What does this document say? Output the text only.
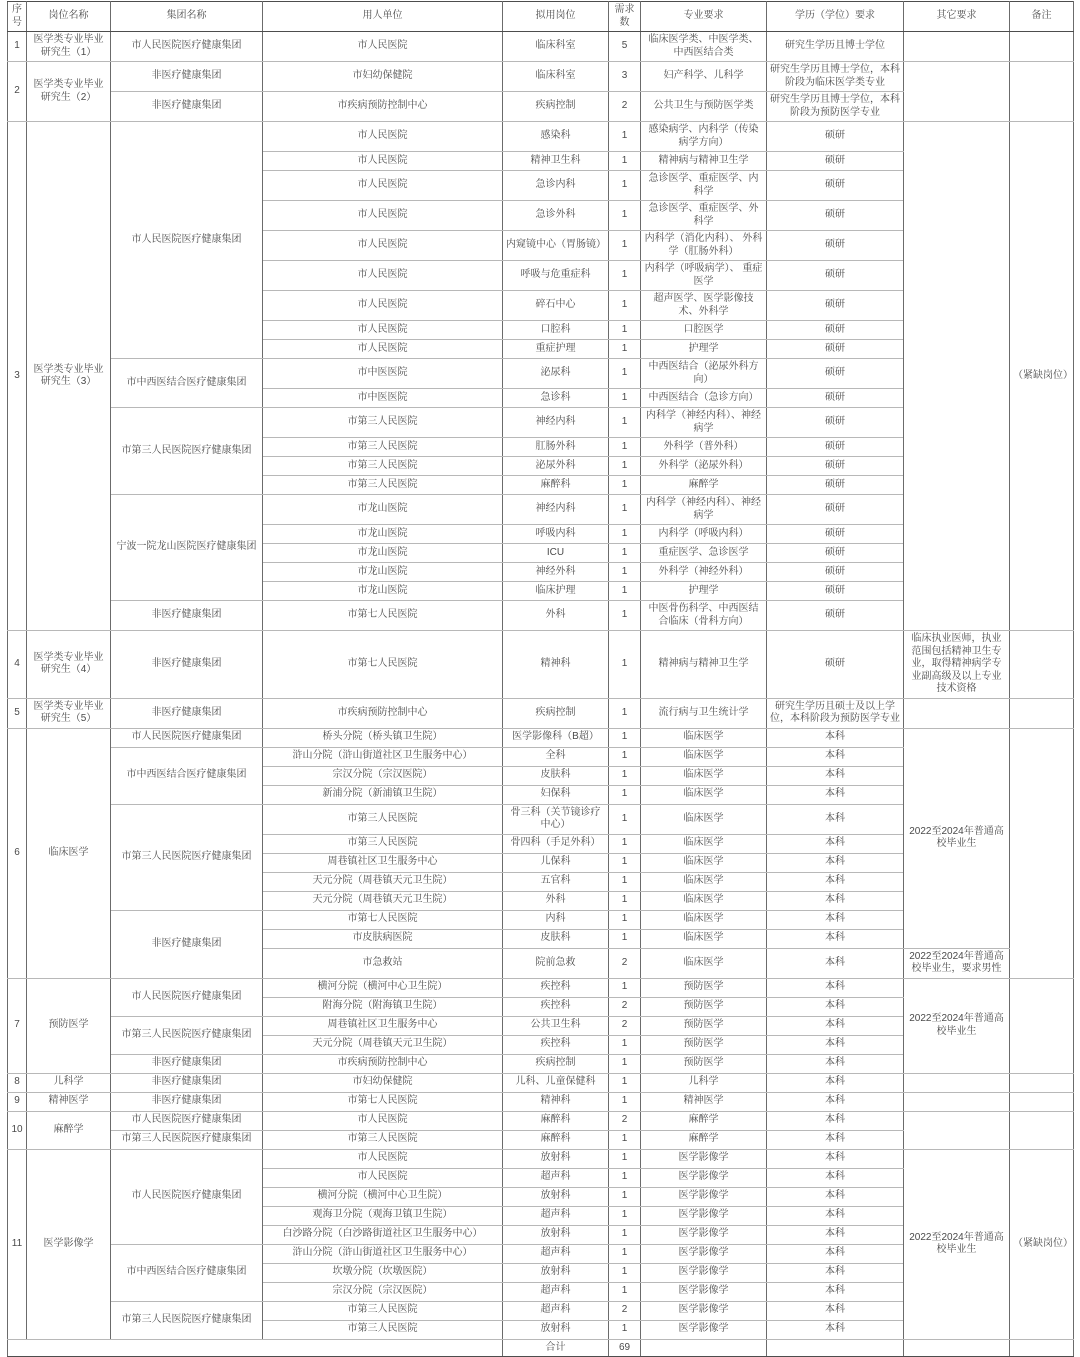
序号	岗位名称	集团名称	用人单位	拟用岗位	需求数	专业要求	学历（学位）要求	其它要求	备注
1	医学类专业毕业研究生（1）	市人民医院医疗健康集团	市人民医院	临床科室	5	临床医学类、中医学类、中西医结合类	研究生学历且博士学位		
2	医学类专业毕业研究生（2）	非医疗健康集团	市妇幼保健院	临床科室	3	妇产科学、儿科学	研究生学历且博士学位，本科阶段为临床医学类专业		
		非医疗健康集团	市疾病预防控制中心	疾病控制	2	公共卫生与预防医学类	研究生学历且博士学位，本科阶段为预防医学专业		
3	医学类专业毕业研究生（3）	市人民医院医疗健康集团	市人民医院	感染科	1	感染病学、内科学（传染病学方向）	硕研		（紧缺岗位）
			市人民医院	精神卫生科	1	精神病与精神卫生学	硕研		
			市人民医院	急诊内科	1	急诊医学、重症医学、内科学	硕研		
			市人民医院	急诊外科	1	急诊医学、重症医学、外科学	硕研		
			市人民医院	内窥镜中心（胃肠镜）	1	内科学（消化内科）、 外科学（肛肠外科）	硕研		
			市人民医院	呼吸与危重症科	1	内科学（呼吸病学）、 重症医学	硕研		
			市人民医院	碎石中心	1	超声医学、医学影像技术、外科学	硕研		
			市人民医院	口腔科	1	口腔医学	硕研		
			市人民医院	重症护理	1	护理学	硕研		
		市中西医结合医疗健康集团	市中医医院	泌尿科	1	中西医结合（泌尿外科方向）	硕研		
			市中医医院	急诊科	1	中西医结合（急诊方向）	硕研		
		市第三人民医院医疗健康集团	市第三人民医院	神经内科	1	内科学（神经内科）、神经病学	硕研		
			市第三人民医院	肛肠外科	1	外科学（普外科）	硕研		
			市第三人民医院	泌尿外科	1	外科学（泌尿外科）	硕研		
			市第三人民医院	麻醉科	1	麻醉学	硕研		
		宁波一院龙山医院医疗健康集团	市龙山医院	神经内科	1	内科学（神经内科）、神经病学	硕研		
			市龙山医院	呼吸内科	1	内科学（呼吸内科）	硕研		
			市龙山医院	ICU	1	重症医学、急诊医学	硕研		
			市龙山医院	神经外科	1	外科学（神经外科）	硕研		
			市龙山医院	临床护理	1	护理学	硕研		
		非医疗健康集团	市第七人民医院	外科	1	中医骨伤科学、中西医结合临床（骨科方向）	硕研		
4	医学类专业毕业研究生（4）	非医疗健康集团	市第七人民医院	精神科	1	精神病与精神卫生学	硕研	临床执业医师，执业范围包括精神卫生专业，取得精神病学专业副高级及以上专业技术资格	
5	医学类专业毕业研究生（5）	非医疗健康集团	市疾病预防控制中心	疾病控制	1	流行病与卫生统计学	研究生学历且硕士及以上学位，本科阶段为预防医学专业		
6	临床医学	市人民医院医疗健康集团	桥头分院（桥头镇卫生院）	医学影像科（B超）	1	临床医学	本科	2022至2024年普通高校毕业生	
		市中西医结合医疗健康集团	浒山分院（浒山街道社区卫生服务中心）	全科	1	临床医学	本科		
			宗汉分院（宗汉医院）	皮肤科	1	临床医学	本科		
			新浦分院（新浦镇卫生院）	妇保科	1	临床医学	本科		
		市第三人民医院医疗健康集团	市第三人民医院	骨三科（关节镜诊疗中心）	1	临床医学	本科		
			市第三人民医院	骨四科（手足外科）	1	临床医学	本科		
			周巷镇社区卫生服务中心	儿保科	1	临床医学	本科		
			天元分院（周巷镇天元卫生院）	五官科	1	临床医学	本科		
			天元分院（周巷镇天元卫生院）	外科	1	临床医学	本科		
		非医疗健康集团	市第七人民医院	内科	1	临床医学	本科		
			市皮肤病医院	皮肤科	1	临床医学	本科		
			市急救站	院前急救	2	临床医学	本科	2022至2024年普通高校毕业生，要求男性	
7	预防医学	市人民医院医疗健康集团	横河分院（横河中心卫生院）	疾控科	1	预防医学	本科	2022至2024年普通高校毕业生	
			附海分院（附海镇卫生院）	疾控科	2	预防医学	本科		
		市第三人民医院医疗健康集团	周巷镇社区卫生服务中心	公共卫生科	2	预防医学	本科		
			天元分院（周巷镇天元卫生院）	疾控科	1	预防医学	本科		
		非医疗健康集团	市疾病预防控制中心	疾病控制	1	预防医学	本科		
8	儿科学	非医疗健康集团	市妇幼保健院	儿科、儿童保健科	1	儿科学	本科		
9	精神医学	非医疗健康集团	市第七人民医院	精神科	1	精神医学	本科		
10	麻醉学	市人民医院医疗健康集团	市人民医院	麻醉科	2	麻醉学	本科		
		市第三人民医院医疗健康集团	市第三人民医院	麻醉科	1	麻醉学	本科		
11	医学影像学	市人民医院医疗健康集团	市人民医院	放射科	1	医学影像学	本科	2022至2024年普通高校毕业生	（紧缺岗位）
			市人民医院	超声科	1	医学影像学	本科		
			横河分院（横河中心卫生院）	放射科	1	医学影像学	本科		
			观海卫分院（观海卫镇卫生院）	超声科	1	医学影像学	本科		
			白沙路分院（白沙路街道社区卫生服务中心）	放射科	1	医学影像学	本科		
		市中西医结合医疗健康集团	浒山分院（浒山街道社区卫生服务中心）	超声科	1	医学影像学	本科		
			坎墩分院（坎墩医院）	放射科	1	医学影像学	本科		
			宗汉分院（宗汉医院）	超声科	1	医学影像学	本科		
		市第三人民医院医疗健康集团	市第三人民医院	超声科	2	医学影像学	本科		
			市第三人民医院	放射科	1	医学影像学	本科		
				合计	69				
